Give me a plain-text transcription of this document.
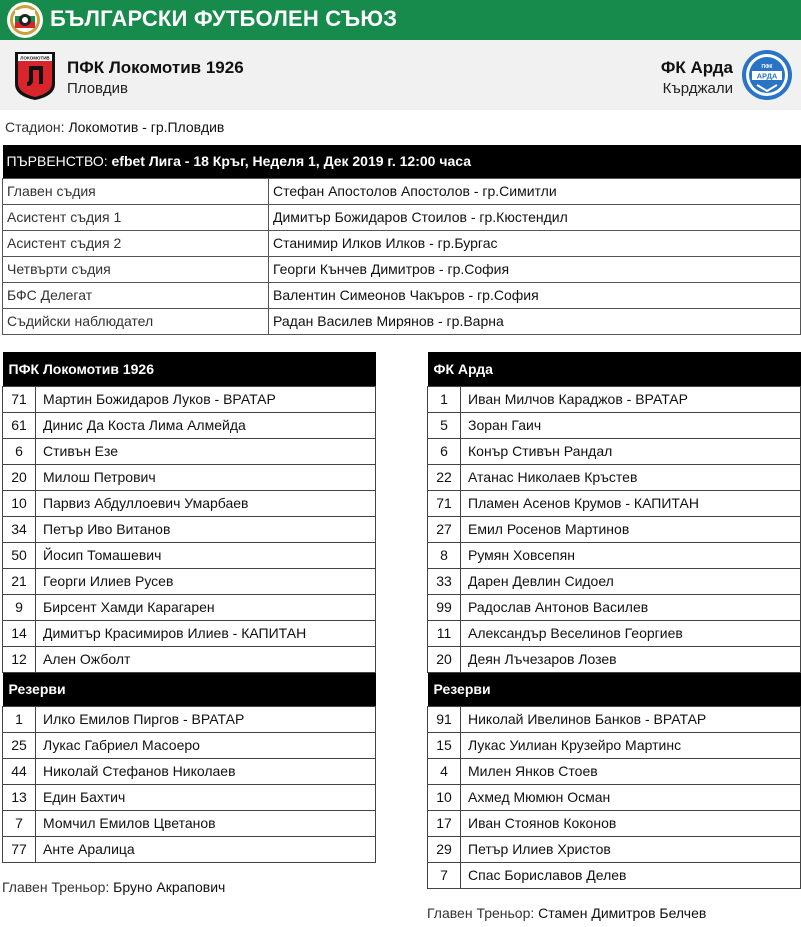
БЪЛГАРСКИ ФУТБОЛЕН СЪЮЗ
ЛОКОМОТИВ ПФК Локомотив 1926
Пловдив
ФК Арда
Кърджали
ПФК
АРДА
Стадион: Локомотив - гр.Пловдив
ПЪРВЕНСТВО: efbet Лига - 18 Кръг, Неделя 1, Дек 2019 г. 12:00 часа	
Главен съдия	Стефан Апостолов Апостолов - гр.Симитли
Асистент съдия 1	Димитър Божидаров Стоилов - гр.Кюстендил
Асистент съдия 2	Станимир Илков Илков - гр.Бургас
Четвърти съдия	Георги Кънчев Димитров - гр.София
БФС Делегат	Валентин Симеонов Чакъров - гр.София
Съдийски наблюдател	Радан Василев Мирянов - гр.Варна
ПФК Локомотив 1926	
71	Мартин Божидаров Луков - ВРАТАР
61	Динис Да Коста Лима Алмейда
6	Стивън Езе
20	Милош Петрович
10	Парвиз Абдуллоевич Умарбаев
34	Петър Иво Витанов
50	Йосип Томашевич
21	Георги Илиев Русев
9	Бирсент Хамди Карагарен
14	Димитър Красимиров Илиев - КАПИТАН
12	Ален Ожболт
Резерви	
1	Илко Емилов Пиргов - ВРАТАР
25	Лукас Габриел Масоеро
44	Николай Стефанов Николаев
13	Един Бахтич
7	Момчил Емилов Цветанов
77	Анте Аралица
Главен Треньор: Бруно Акрапович
ФК Арда	
1	Иван Милчов Караджов - ВРАТАР
5	Зоран Гаич
6	Конър Стивън Рандал
22	Атанас Николаев Кръстев
71	Пламен Асенов Крумов - КАПИТАН
27	Емил Росенов Мартинов
8	Румян Ховсепян
33	Дарен Девлин Сидоел
99	Радослав Антонов Василев
11	Александър Веселинов Георгиев
20	Деян Лъчезаров Лозев
Резерви	
91	Николай Ивелинов Банков - ВРАТАР
15	Лукас Уилиан Крузейро Мартинс
4	Милен Янков Стоев
10	Ахмед Мюмюн Осман
17	Иван Стоянов Коконов
29	Петър Илиев Христов
7	Спас Бориславов Делев
Главен Треньор: Стамен Димитров Белчев
